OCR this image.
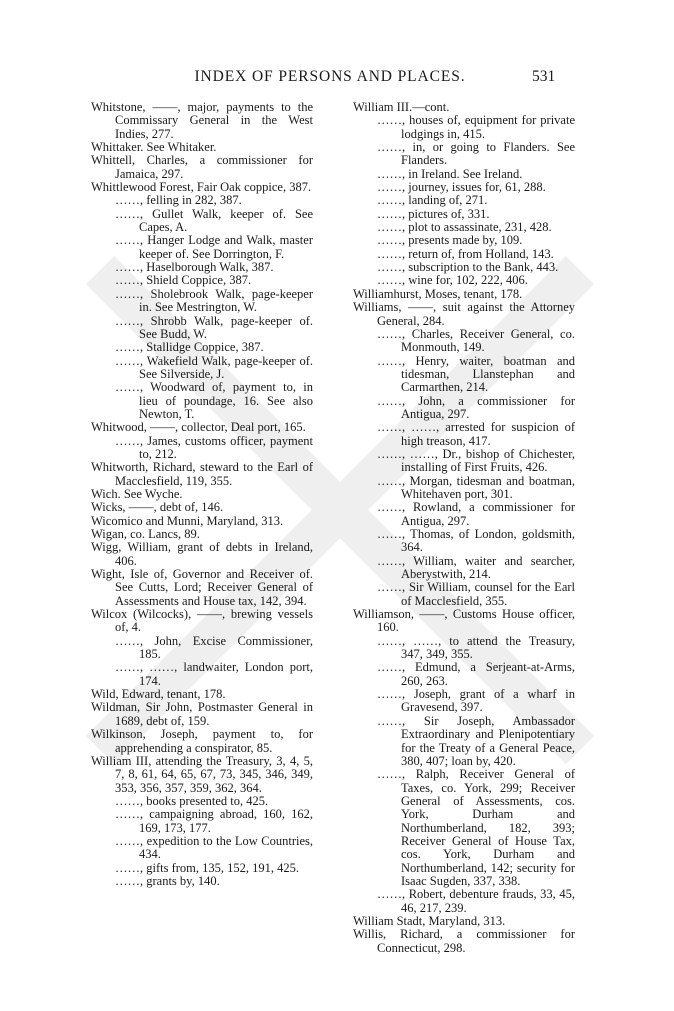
INDEX OF PERSONS AND PLACES.	531

Whitstone, ——, major, payments to the Commissary General in the West Indies, 277.

Whittaker. See Whitaker.

Whittell, Charles, a commissioner for Jamaica, 297.

Whittlewood Forest, Fair Oak coppice, 387.

……, felling in 282, 387.

……, Gullet Walk, keeper of. See Capes, A.

……, Hanger Lodge and Walk, master keeper of. See Dorrington, F.

……, Haselborough Walk, 387.

……, Shield Coppice, 387.

……, Sholebrook Walk, page-keeper in. See Mestrington, W.

……, Shrobb Walk, page-keeper of. See Budd, W.

……, Stallidge Coppice, 387.

……, Wakefield Walk, page-keeper of. See Silverside, J.

……, Woodward of, payment to, in lieu of poundage, 16. See also Newton, T.

Whitwood, ——, collector, Deal port, 165.

……, James, customs officer, payment to, 212.

Whitworth, Richard, steward to the Earl of Macclesfield, 119, 355.

Wich. See Wyche.

Wicks, ——, debt of, 146.

Wicomico and Munni, Maryland, 313.

Wigan, co. Lancs, 89.

Wigg, William, grant of debts in Ireland, 406.

Wight, Isle of, Governor and Receiver of. See Cutts, Lord; Receiver General of Assessments and House tax, 142, 394.

Wilcox (Wilcocks), ——, brewing vessels of, 4.

……, John, Excise Commissioner, 185.

……, ……, landwaiter, London port, 174.

Wild, Edward, tenant, 178.

Wildman, Sir John, Postmaster General in 1689, debt of, 159.

Wilkinson, Joseph, payment to, for apprehending a conspirator, 85.

William III, attending the Treasury, 3, 4, 5, 7, 8, 61, 64, 65, 67, 73, 345, 346, 349, 353, 356, 357, 359, 362, 364.

……, books presented to, 425.

……, campaigning abroad, 160, 162, 169, 173, 177.

……, expedition to the Low Countries, 434.

……, gifts from, 135, 152, 191, 425.

……, grants by, 140.

William III.—cont.

……, houses of, equipment for private lodgings in, 415.

……, in, or going to Flanders. See Flanders.

……, in Ireland. See Ireland.

……, journey, issues for, 61, 288.

……, landing of, 271.

……, pictures of, 331.

……, plot to assassinate, 231, 428.

……, presents made by, 109.

……, return of, from Holland, 143.

……, subscription to the Bank, 443.

……, wine for, 102, 222, 406.

Williamhurst, Moses, tenant, 178.

Williams, ——, suit against the Attorney General, 284.

……, Charles, Receiver General, co. Monmouth, 149.

……, Henry, waiter, boatman and tidesman, Llanstephan and Carmarthen, 214.

……, John, a commissioner for Antigua, 297.

……, ……, arrested for suspicion of high treason, 417.

……, ……, Dr., bishop of Chichester, installing of First Fruits, 426.

……, Morgan, tidesman and boatman, Whitehaven port, 301.

……, Rowland, a commissioner for Antigua, 297.

……, Thomas, of London, goldsmith, 364.

……, William, waiter and searcher, Aberystwith, 214.

……, Sir William, counsel for the Earl of Macclesfield, 355.

Williamson, ——, Customs House officer, 160.

……, ……, to attend the Treasury, 347, 349, 355.

……, Edmund, a Serjeant-at-Arms, 260, 263.

……, Joseph, grant of a wharf in Gravesend, 397.

……, Sir Joseph, Ambassador Extraordinary and Plenipotentiary for the Treaty of a General Peace, 380, 407; loan by, 420.

……, Ralph, Receiver General of Taxes, co. York, 299; Receiver General of Assessments, cos. York, Durham and Northumberland, 182, 393; Receiver General of House Tax, cos. York, Durham and Northumberland, 142; security for Isaac Sugden, 337, 338.

……, Robert, debenture frauds, 33, 45, 46, 217, 239.

William Stadt, Maryland, 313.

Willis, Richard, a commissioner for Connecticut, 298.
